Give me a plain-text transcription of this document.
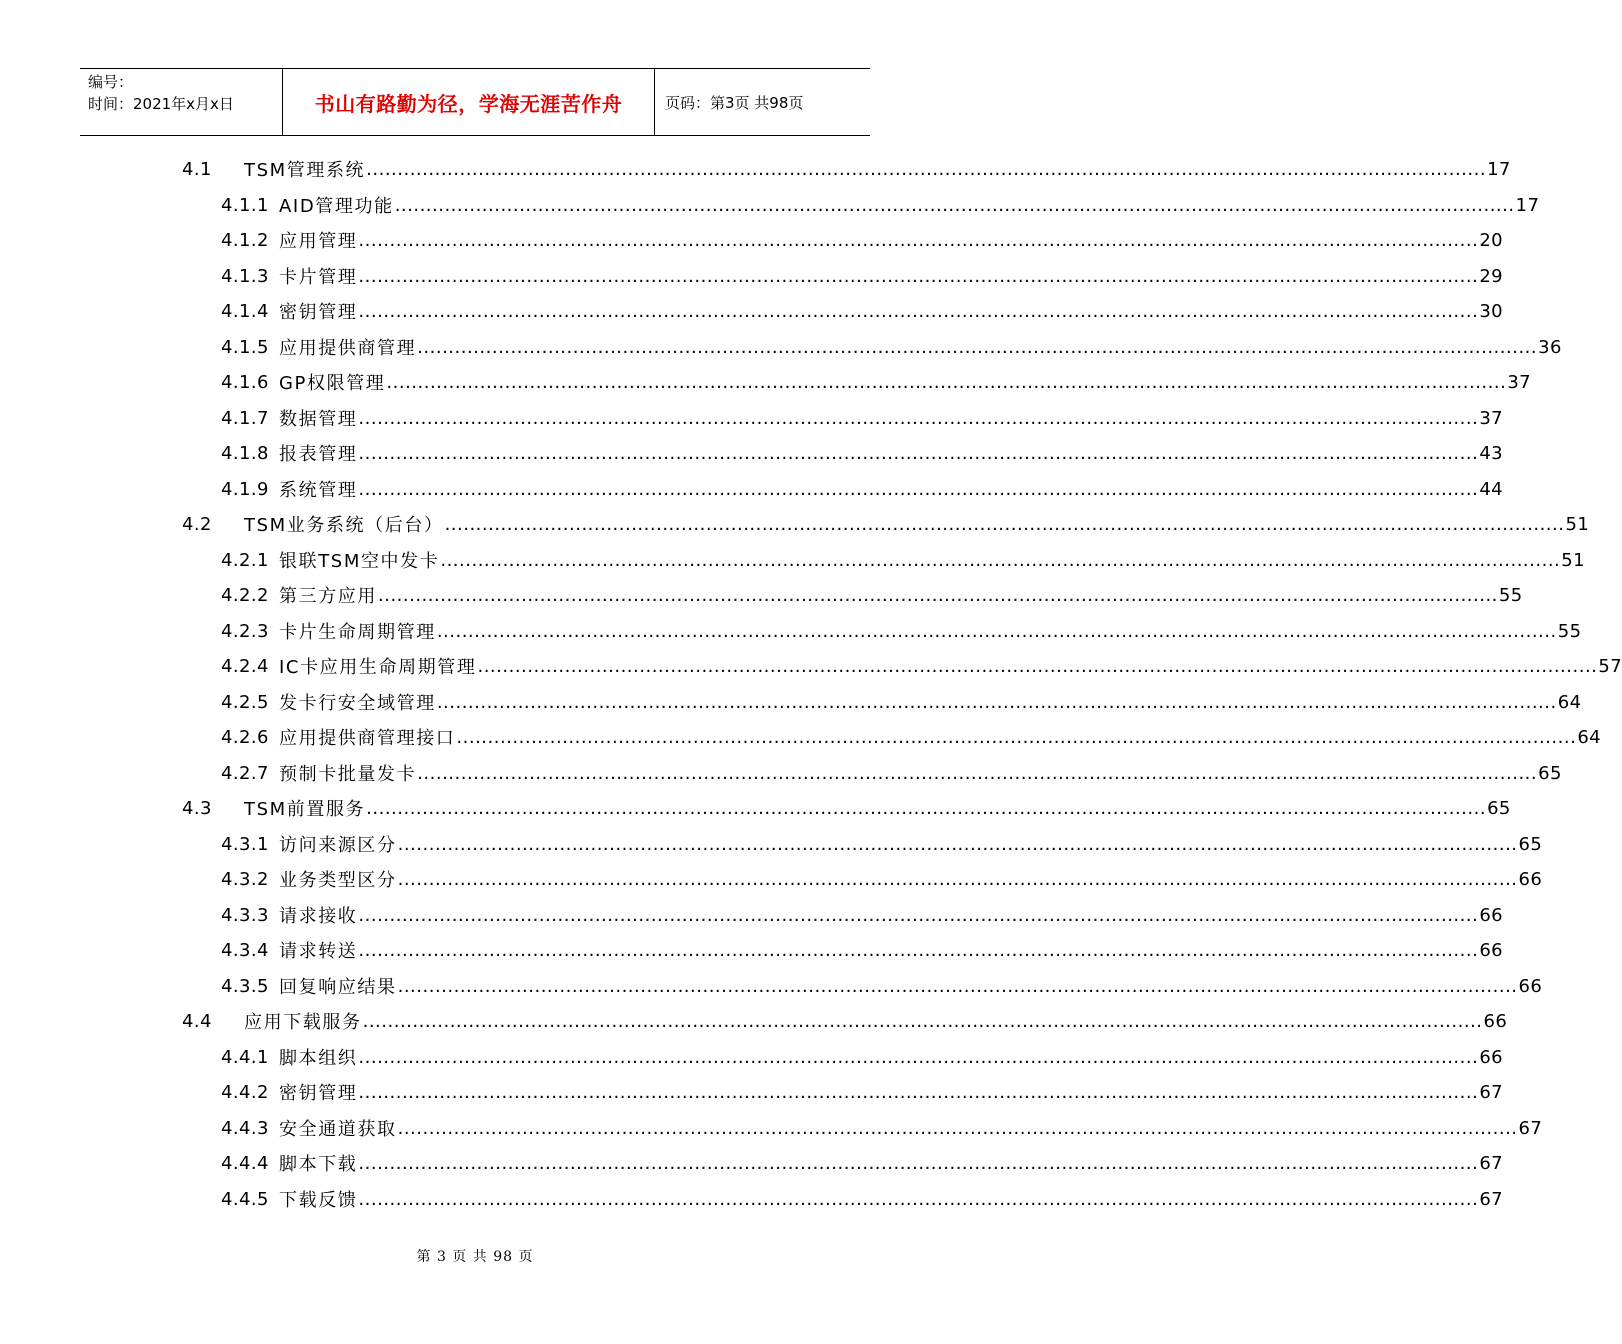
编号：
时间：2021年x月x日	书山有路勤为径，学海无涯苦作舟	页码：第3页 共98页
4.1	TSM管理系统 .................................................................................................................................................................................... 17
4.1.1 AID管理功能 .................................................................................................................................................................................... 17
4.1.2 应用管理 .................................................................................................................................................................................... 20
4.1.3 卡片管理 .................................................................................................................................................................................... 29
4.1.4 密钥管理 .................................................................................................................................................................................... 30
4.1.5 应用提供商管理 .................................................................................................................................................................................... 36
4.1.6 GP权限管理 .................................................................................................................................................................................... 37
4.1.7 数据管理 .................................................................................................................................................................................... 37
4.1.8 报表管理 .................................................................................................................................................................................... 43
4.1.9 系统管理 .................................................................................................................................................................................... 44
4.2	TSM业务系统（后台） .................................................................................................................................................................................... 51
4.2.1 银联TSM空中发卡 .................................................................................................................................................................................... 51
4.2.2 第三方应用 .................................................................................................................................................................................... 55
4.2.3 卡片生命周期管理 .................................................................................................................................................................................... 55
4.2.4 IC卡应用生命周期管理 .................................................................................................................................................................................... 57
4.2.5 发卡行安全域管理 .................................................................................................................................................................................... 64
4.2.6 应用提供商管理接口 .................................................................................................................................................................................... 64
4.2.7 预制卡批量发卡 .................................................................................................................................................................................... 65
4.3	TSM前置服务 .................................................................................................................................................................................... 65
4.3.1 访问来源区分 .................................................................................................................................................................................... 65
4.3.2 业务类型区分 .................................................................................................................................................................................... 66
4.3.3 请求接收 .................................................................................................................................................................................... 66
4.3.4 请求转送 .................................................................................................................................................................................... 66
4.3.5 回复响应结果 .................................................................................................................................................................................... 66
4.4	应用下载服务 .................................................................................................................................................................................... 66
4.4.1 脚本组织 .................................................................................................................................................................................... 66
4.4.2 密钥管理 .................................................................................................................................................................................... 67
4.4.3 安全通道获取 .................................................................................................................................................................................... 67
4.4.4 脚本下载 .................................................................................................................................................................................... 67
4.4.5 下载反馈 .................................................................................................................................................................................... 67
第 3 页 共 98 页
